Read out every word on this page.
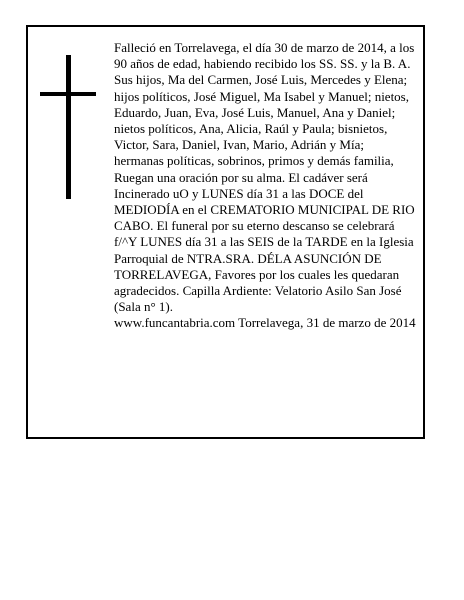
Falleció en Torrelavega, el día 30 de marzo de 2014, a los 90 años de edad, habiendo recibido los SS. SS. y la B. A.

Sus hijos, Ma del Carmen, José Luis, Mercedes y Elena; hijos políticos, José Miguel, Ma Isabel y Manuel; nietos, Eduardo, Juan, Eva, José Luis, Manuel, Ana y Daniel; nietos políticos, Ana, Alicia, Raúl y Paula; bisnietos, Victor, Sara, Daniel, Ivan, Mario, Adrián y Mía; hermanas políticas, sobrinos, primos y demás familia,

Ruegan una oración por su alma. El cadáver será Incinerado uO y LUNES día 31 a las DOCE del MEDIODÍA en el CREMATORIO MUNICIPAL DE RIO CABO. El funeral por su eterno descanso se celebrará f/^Y LUNES día 31 a las SEIS de la TARDE en la Iglesia Parroquial de NTRA.SRA. DÉLA ASUNCIÓN DE TORRELAVEGA, Favores por los cuales les quedaran agradecidos. Capilla Ardiente: Velatorio Asilo San José (Sala n° 1).

www.funcantabria.com Torrelavega, 31 de marzo de 2014
